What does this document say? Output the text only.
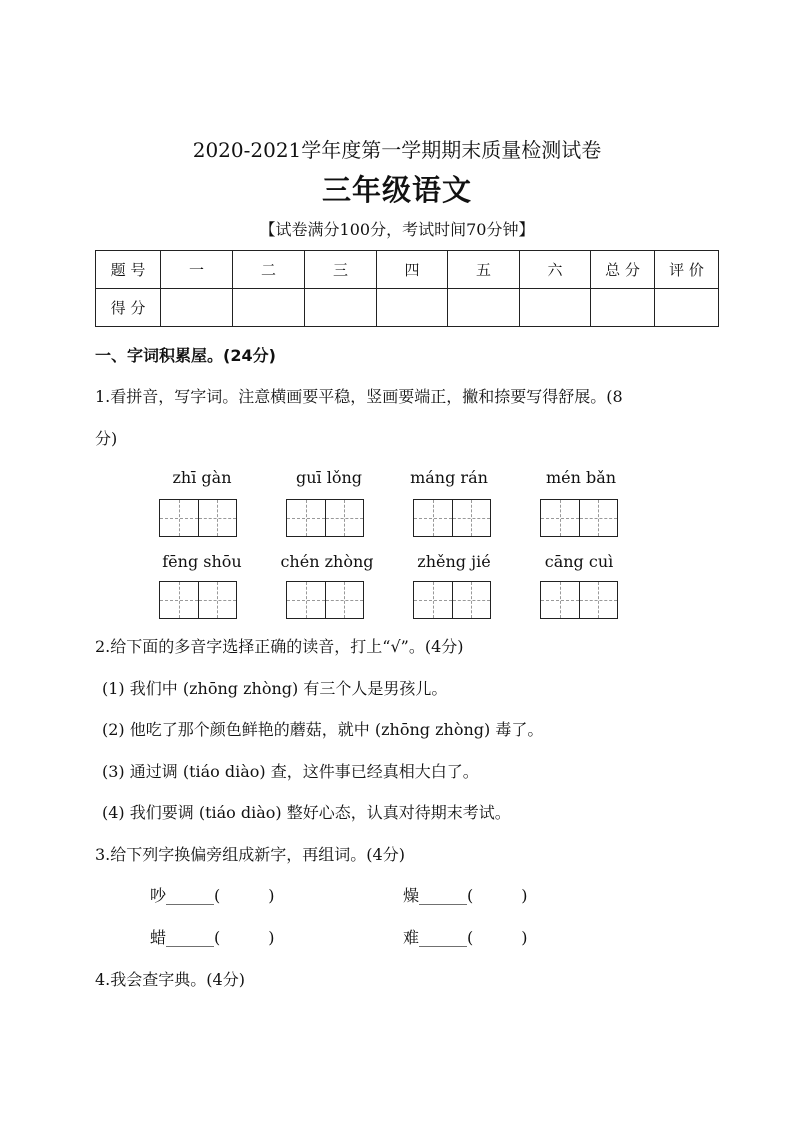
2020-2021学年度第一学期期末质量检测试卷
三年级语文
【试卷满分100分，考试时间70分钟】
题 号	一	二	三	四	五	六	总 分	评 价
得 分								
一、字词积累屋。(24分)
1.看拼音，写字词。注意横画要平稳，竖画要端正，撇和捺要写得舒展。(8
分)
zhī gàn	guī lǒng	máng rán	mén bǎn
fēng shōu	chén zhòng	zhěng jié	cāng cuì
2.给下面的多音字选择正确的读音，打上“√”。(4分)
(1) 我们中 (zhōng zhòng) 有三个人是男孩儿。
(2) 他吃了那个颜色鲜艳的蘑菇，就中 (zhōng zhòng) 毒了。
(3) 通过调 (tiáo diào) 查，这件事已经真相大白了。
(4) 我们要调 (tiáo diào) 整好心态，认真对待期末考试。
3.给下列字换偏旁组成新字，再组词。(4分)
吵______(　　　)	燥______(　　　)
蜡______(　　　)	难______(　　　)
4.我会查字典。(4分)
